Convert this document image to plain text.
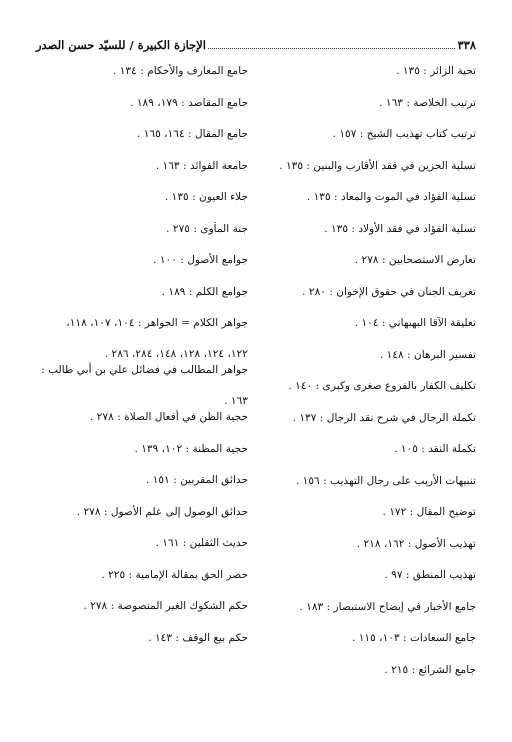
٣٣٨
الإجازة الكبيرة / للسيّد حسن الصدر
تحية الزائر : ١٣٥ .
ترتيب الخلاصة : ١٦٣ .
ترتيب كتاب تهذيب الشيخ : ١٥٧ .
تسلية الحزين في فقد الأقارب والبنين : ١٣٥ .
تسلية الفؤاد في الموت والمعاد : ١٣٥ .
تسلية الفؤاد في فقد الأولاد : ١٣٥ .
تعارض الاستصحابين : ٢٧٨ .
تعريف الجنان في حقوق الإخوان : ٢٨٠ .
تعليقة الآقا البهبهاني : ١٠٤ .
تفسير البرهان : ١٤٨ .
تكليف الكفار بالفروع صغرى وكبرى : ١٤٠ .
تكملة الرجال في شرح نقد الرجال : ١٣٧ .
تكملة النقد : ١٠٥ .
تنبيهات الأريب على رجال التهذيب : ١٥٦ .
توضيح المقال : ١٧٢ .
تهذيب الأصول : ١٦٢، ٢١٨ .
تهذيب المنطق : ٩٧ .
جامع الأخبار في إيضاح الاستبصار : ١٨٣ .
جامع السعادات : ١٠٣، ١١٥ .
جامع الشرائع : ٢١٥ .
جامع المعارف والأحكام : ١٣٤ .
جامع المقاصد : ١٧٩، ١٨٩ .
جامع المقال : ١٦٤، ١٦٥ .
جامعة الفوائد : ١٦٣ .
جلاء العيون : ١٣٥ .
جنة المأوى : ٢٧٥ .
جوامع الأصول : ١٠٠ .
جوامع الكلم : ١٨٩ .
جواهر الكلام = الجواهر : ١٠٤، ١٠٧، ١١٨،
١٢٢، ١٢٤، ١٢٨، ١٤٨، ٢٨٤، ٢٨٦ .
جواهر المطالب في فضائل علي بن أبي طالب :
١٦٣ .
حجية الظن في أفعال الصلاة : ٢٧٨ .
حجية المظنة : ١٠٢، ١٣٩ .
حدائق المقربين : ١٥١ .
حدائق الوصول إلى علم الأصول : ٢٧٨ .
حديث الثقلين : ١٦١ .
حصر الحق بمقالة الإمامية : ٢٢٥ .
حكم الشكوك الغير المنصوصة : ٢٧٨ .
حكم بيع الوقف : ١٤٣ .
